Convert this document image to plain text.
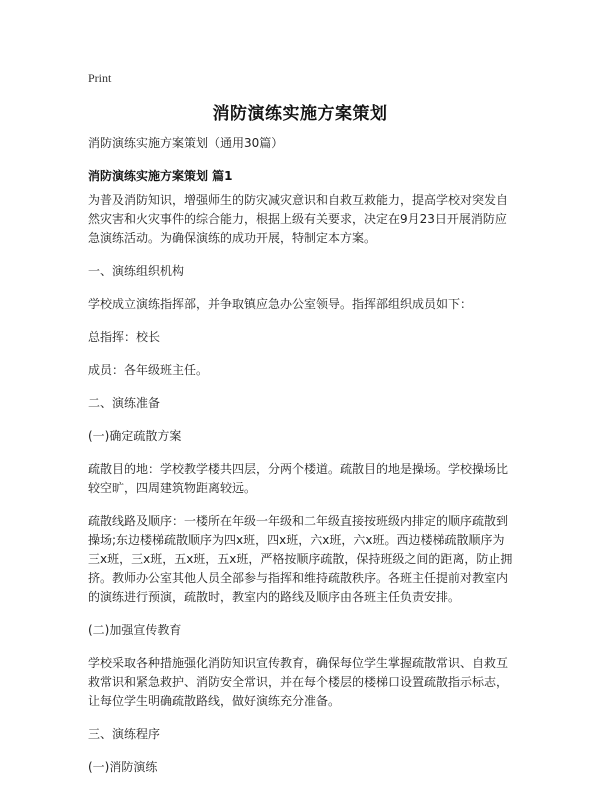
Print
消防演练实施方案策划

消防演练实施方案策划（通用30篇）

消防演练实施方案策划 篇1

为普及消防知识，增强师生的防灾减灾意识和自救互救能力，提高学校对突发自然灾害和火灾事件的综合能力，根据上级有关要求，决定在9月23日开展消防应急演练活动。为确保演练的成功开展，特制定本方案。

一、演练组织机构

学校成立演练指挥部，并争取镇应急办公室领导。指挥部组织成员如下：

总指挥：校长

成员：各年级班主任。

二、演练准备

(一)确定疏散方案

疏散目的地：学校教学楼共四层，分两个楼道。疏散目的地是操场。学校操场比较空旷，四周建筑物距离较远。

疏散线路及顺序：一楼所在年级一年级和二年级直接按班级内排定的顺序疏散到操场;东边楼梯疏散顺序为四x班，四x班，六x班，六x班。西边楼梯疏散顺序为三x班，三x班，五x班，五x班，严格按顺序疏散，保持班级之间的距离，防止拥挤。教师办公室其他人员全部参与指挥和维持疏散秩序。各班主任提前对教室内的演练进行预演，疏散时，教室内的路线及顺序由各班主任负责安排。

(二)加强宣传教育

学校采取各种措施强化消防知识宣传教育，确保每位学生掌握疏散常识、自救互救常识和紧急救护、消防安全常识，并在每个楼层的楼梯口设置疏散指示标志，让每位学生明确疏散路线，做好演练充分准备。

三、演练程序

(一)消防演练
